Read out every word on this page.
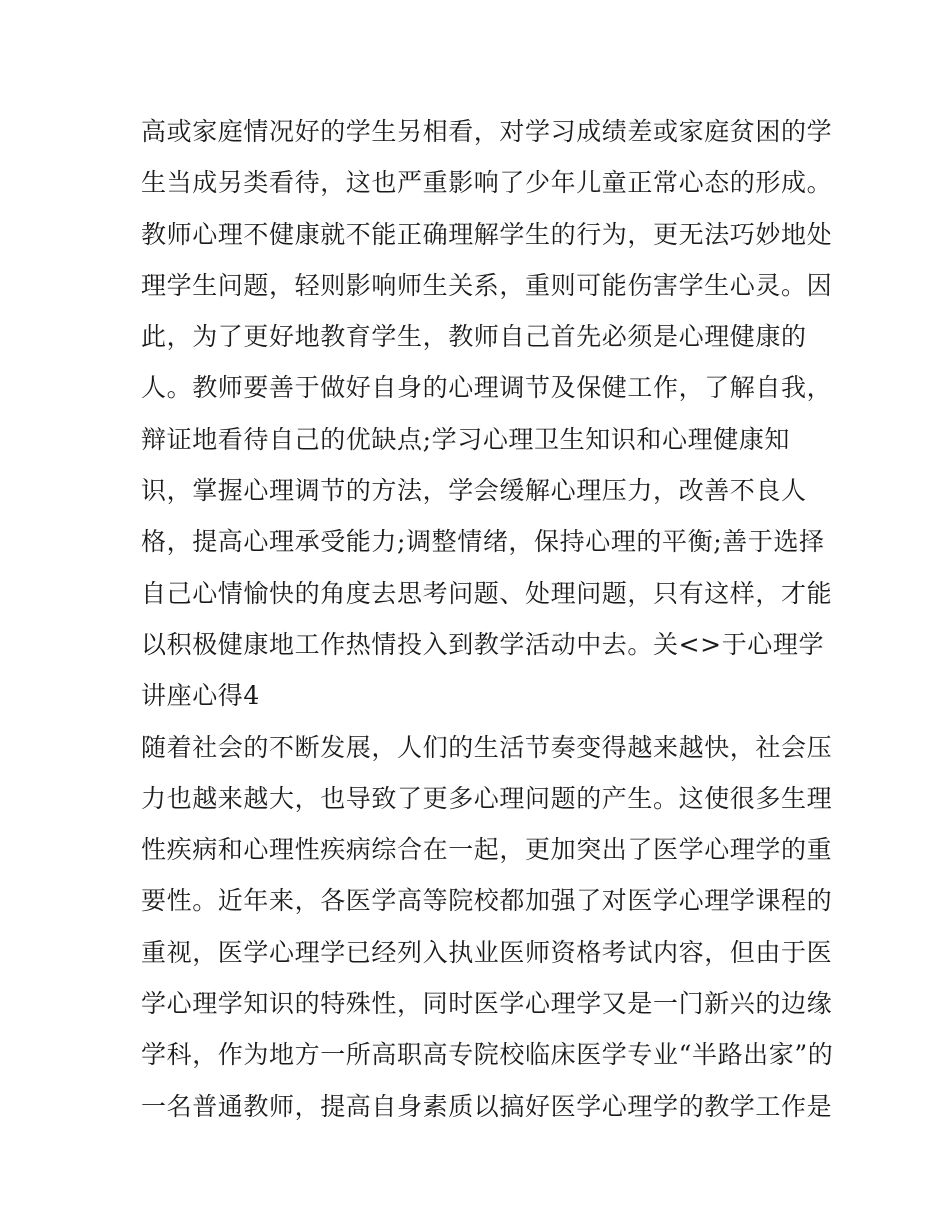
高或家庭情况好的学生另相看，对学习成绩差或家庭贫困的学
生当成另类看待，这也严重影响了少年儿童正常心态的形成。
教师心理不健康就不能正确理解学生的行为，更无法巧妙地处
理学生问题，轻则影响师生关系，重则可能伤害学生心灵。因
此，为了更好地教育学生，教师自己首先必须是心理健康的
人。教师要善于做好自身的心理调节及保健工作，了解自我，
辩证地看待自己的优缺点;学习心理卫生知识和心理健康知
识，掌握心理调节的方法，学会缓解心理压力，改善不良人
格，提高心理承受能力;调整情绪，保持心理的平衡;善于选择
自己心情愉快的角度去思考问题、处理问题，只有这样，才能
以积极健康地工作热情投入到教学活动中去。关<>于心理学
讲座心得4
随着社会的不断发展，人们的生活节奏变得越来越快，社会压
力也越来越大，也导致了更多心理问题的产生。这使很多生理
性疾病和心理性疾病综合在一起，更加突出了医学心理学的重
要性。近年来，各医学高等院校都加强了对医学心理学课程的
重视，医学心理学已经列入执业医师资格考试内容，但由于医
学心理学知识的特殊性，同时医学心理学又是一门新兴的边缘
学科，作为地方一所高职高专院校临床医学专业“半路出家”的
一名普通教师，提高自身素质以搞好医学心理学的教学工作是
